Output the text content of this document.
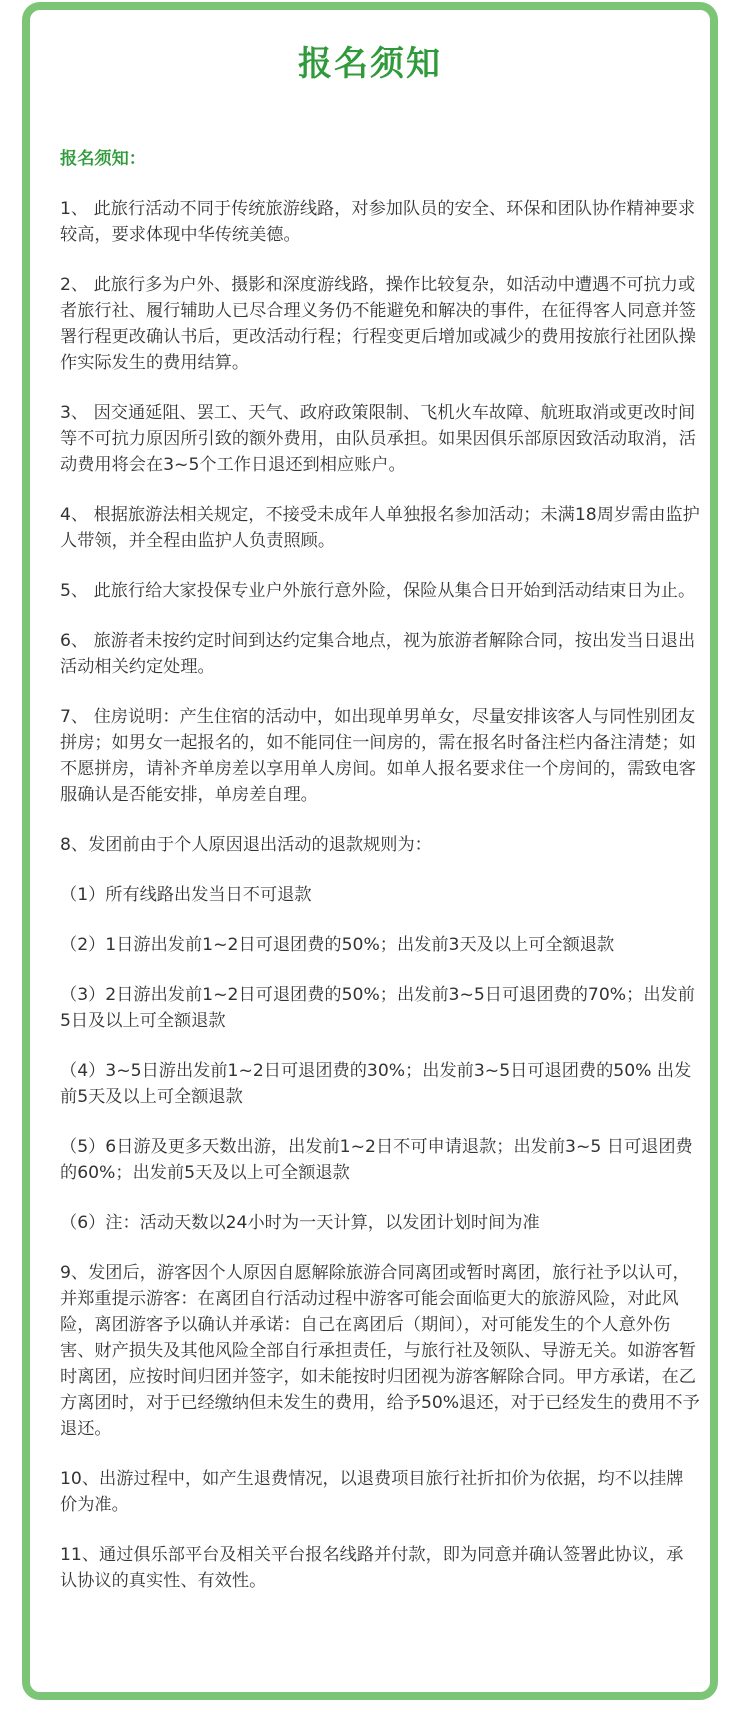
报名须知
报名须知：
1、 此旅行活动不同于传统旅游线路，对参加队员的安全、环保和团队协作精神要求较高，要求体现中华传统美德。
2、 此旅行多为户外、摄影和深度游线路，操作比较复杂，如活动中遭遇不可抗力或者旅行社、履行辅助人已尽合理义务仍不能避免和解决的事件，在征得客人同意并签署行程更改确认书后，更改活动行程；行程变更后增加或减少的费用按旅行社团队操作实际发生的费用结算。
3、 因交通延阻、罢工、天气、政府政策限制、飞机火车故障、航班取消或更改时间等不可抗力原因所引致的额外费用，由队员承担。如果因俱乐部原因致活动取消，活动费用将会在3~5个工作日退还到相应账户。
4、 根据旅游法相关规定，不接受未成年人单独报名参加活动；未满18周岁需由监护人带领，并全程由监护人负责照顾。
5、 此旅行给大家投保专业户外旅行意外险，保险从集合日开始到活动结束日为止。
6、 旅游者未按约定时间到达约定集合地点，视为旅游者解除合同，按出发当日退出活动相关约定处理。
7、 住房说明：产生住宿的活动中，如出现单男单女，尽量安排该客人与同性别团友拼房；如男女一起报名的，如不能同住一间房的，需在报名时备注栏内备注清楚；如不愿拼房，请补齐单房差以享用单人房间。如单人报名要求住一个房间的，需致电客服确认是否能安排，单房差自理。
8、发团前由于个人原因退出活动的退款规则为：
（1）所有线路出发当日不可退款
（2）1日游出发前1~2日可退团费的50%；出发前3天及以上可全额退款
（3）2日游出发前1~2日可退团费的50%；出发前3~5日可退团费的70%；出发前5日及以上可全额退款
（4）3~5日游出发前1~2日可退团费的30%；出发前3~5日可退团费的50% 出发前5天及以上可全额退款
（5）6日游及更多天数出游，出发前1~2日不可申请退款；出发前3~5 日可退团费的60%；出发前5天及以上可全额退款
（6）注：活动天数以24小时为一天计算，以发团计划时间为准
9、发团后，游客因个人原因自愿解除旅游合同离团或暂时离团，旅行社予以认可，并郑重提示游客：在离团自行活动过程中游客可能会面临更大的旅游风险，对此风险，离团游客予以确认并承诺：自己在离团后（期间），对可能发生的个人意外伤害、财产损失及其他风险全部自行承担责任，与旅行社及领队、导游无关。如游客暂时离团，应按时间归团并签字，如未能按时归团视为游客解除合同。甲方承诺，在乙方离团时，对于已经缴纳但未发生的费用，给予50%退还，对于已经发生的费用不予退还。
10、出游过程中，如产生退费情况，以退费项目旅行社折扣价为依据，均不以挂牌价为准。
11、通过俱乐部平台及相关平台报名线路并付款，即为同意并确认签署此协议，承认协议的真实性、有效性。
